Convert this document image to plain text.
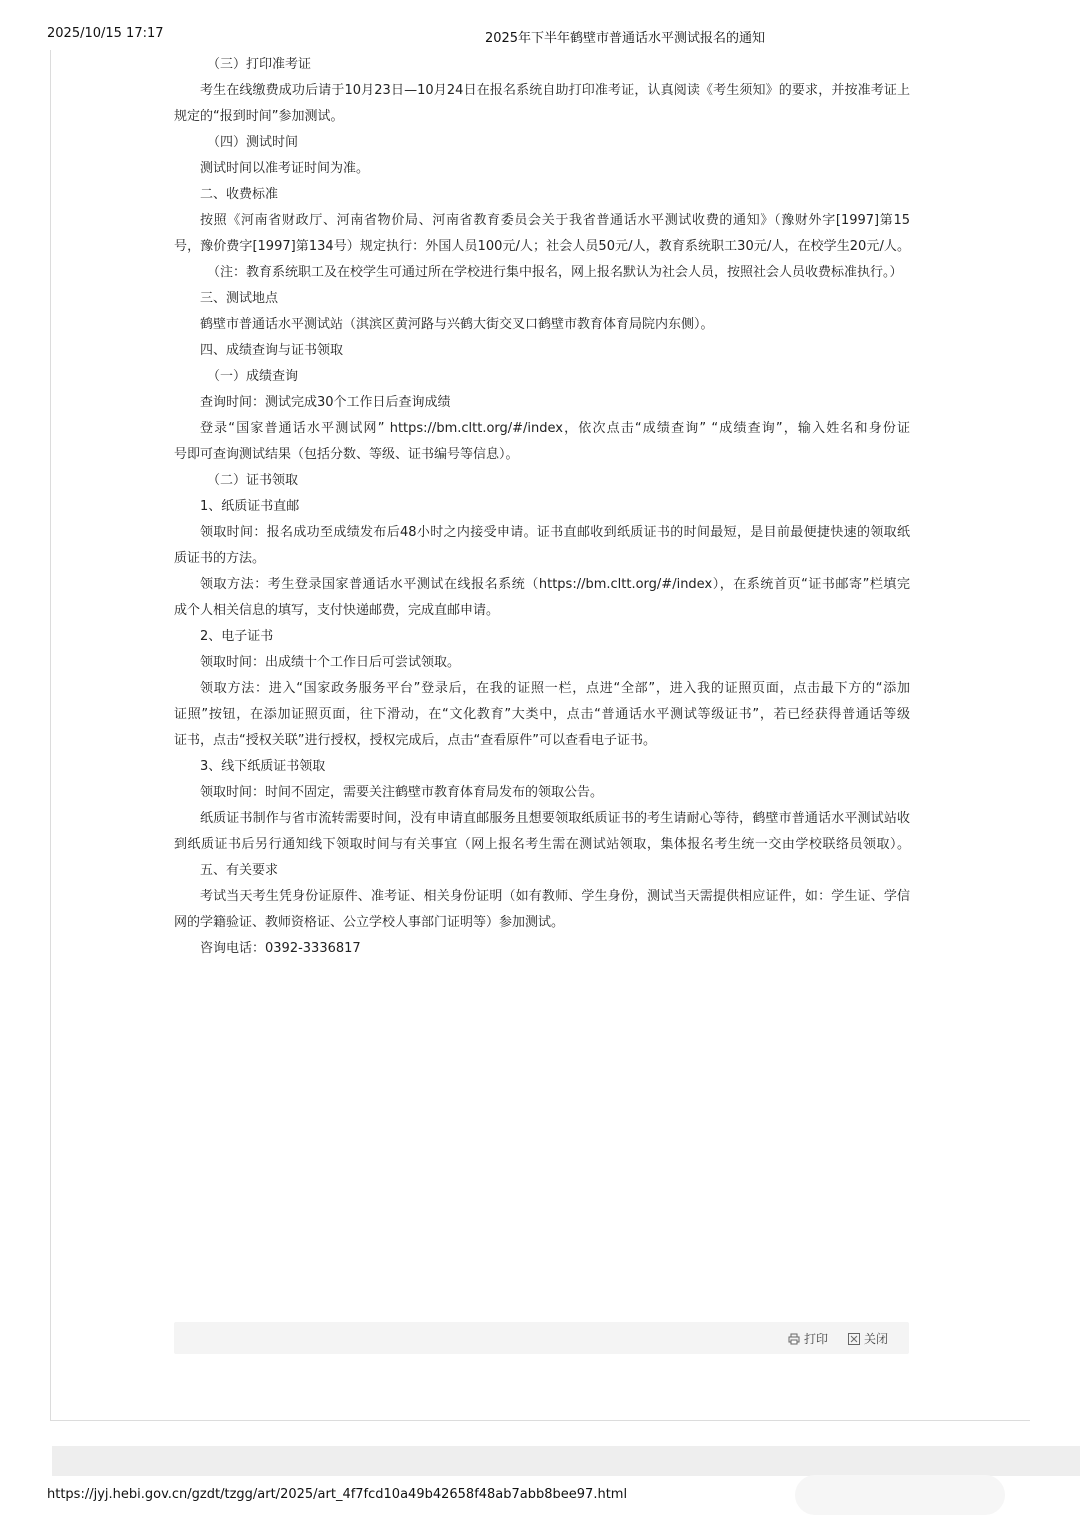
2025/10/15 17:17	2025年下半年鹤壁市普通话水平测试报名的通知
（三）打印准考证
考生在线缴费成功后请于10月23日—10月24日在报名系统自助打印准考证，认真阅读《考生须知》的要求，并按准考证上
规定的“报到时间”参加测试。
（四）测试时间
测试时间以准考证时间为准。
二、收费标准
按照《河南省财政厅、河南省物价局、河南省教育委员会关于我省普通话水平测试收费的通知》（豫财外字[1997]第15
号，豫价费字[1997]第134号）规定执行：外国人员100元/人；社会人员50元/人，教育系统职工30元/人，在校学生20元/人。
（注：教育系统职工及在校学生可通过所在学校进行集中报名，网上报名默认为社会人员，按照社会人员收费标准执行。）
三、测试地点
鹤壁市普通话水平测试站（淇滨区黄河路与兴鹤大街交叉口鹤壁市教育体育局院内东侧）。
四、成绩查询与证书领取
（一）成绩查询
查询时间：测试完成30个工作日后查询成绩
登录“国家普通话水平测试网” https://bm.cltt.org/#/index，依次点击“成绩查询” “成绩查询”，输入姓名和身份证
号即可查询测试结果（包括分数、等级、证书编号等信息）。
（二）证书领取
1、纸质证书直邮
领取时间：报名成功至成绩发布后48小时之内接受申请。证书直邮收到纸质证书的时间最短，是目前最便捷快速的领取纸
质证书的方法。
领取方法：考生登录国家普通话水平测试在线报名系统（https://bm.cltt.org/#/index），在系统首页“证书邮寄”栏填完
成个人相关信息的填写，支付快递邮费，完成直邮申请。
2、电子证书
领取时间：出成绩十个工作日后可尝试领取。
领取方法：进入“国家政务服务平台”登录后，在我的证照一栏，点进“全部”，进入我的证照页面，点击最下方的“添加
证照”按钮，在添加证照页面，往下滑动，在“文化教育”大类中，点击“普通话水平测试等级证书”，若已经获得普通话等级
证书，点击“授权关联”进行授权，授权完成后，点击“查看原件”可以查看电子证书。
3、线下纸质证书领取
领取时间：时间不固定，需要关注鹤壁市教育体育局发布的领取公告。
纸质证书制作与省市流转需要时间，没有申请直邮服务且想要领取纸质证书的考生请耐心等待，鹤壁市普通话水平测试站收
到纸质证书后另行通知线下领取时间与有关事宜（网上报名考生需在测试站领取，集体报名考生统一交由学校联络员领取）。
五、有关要求
考试当天考生凭身份证原件、准考证、相关身份证明（如有教师、学生身份，测试当天需提供相应证件，如：学生证、学信
网的学籍验证、教师资格证、公立学校人事部门证明等）参加测试。
咨询电话：0392-3336817
打印	关闭
https://jyj.hebi.gov.cn/gzdt/tzgg/art/2025/art_4f7fcd10a49b42658f48ab7abb8bee97.html
